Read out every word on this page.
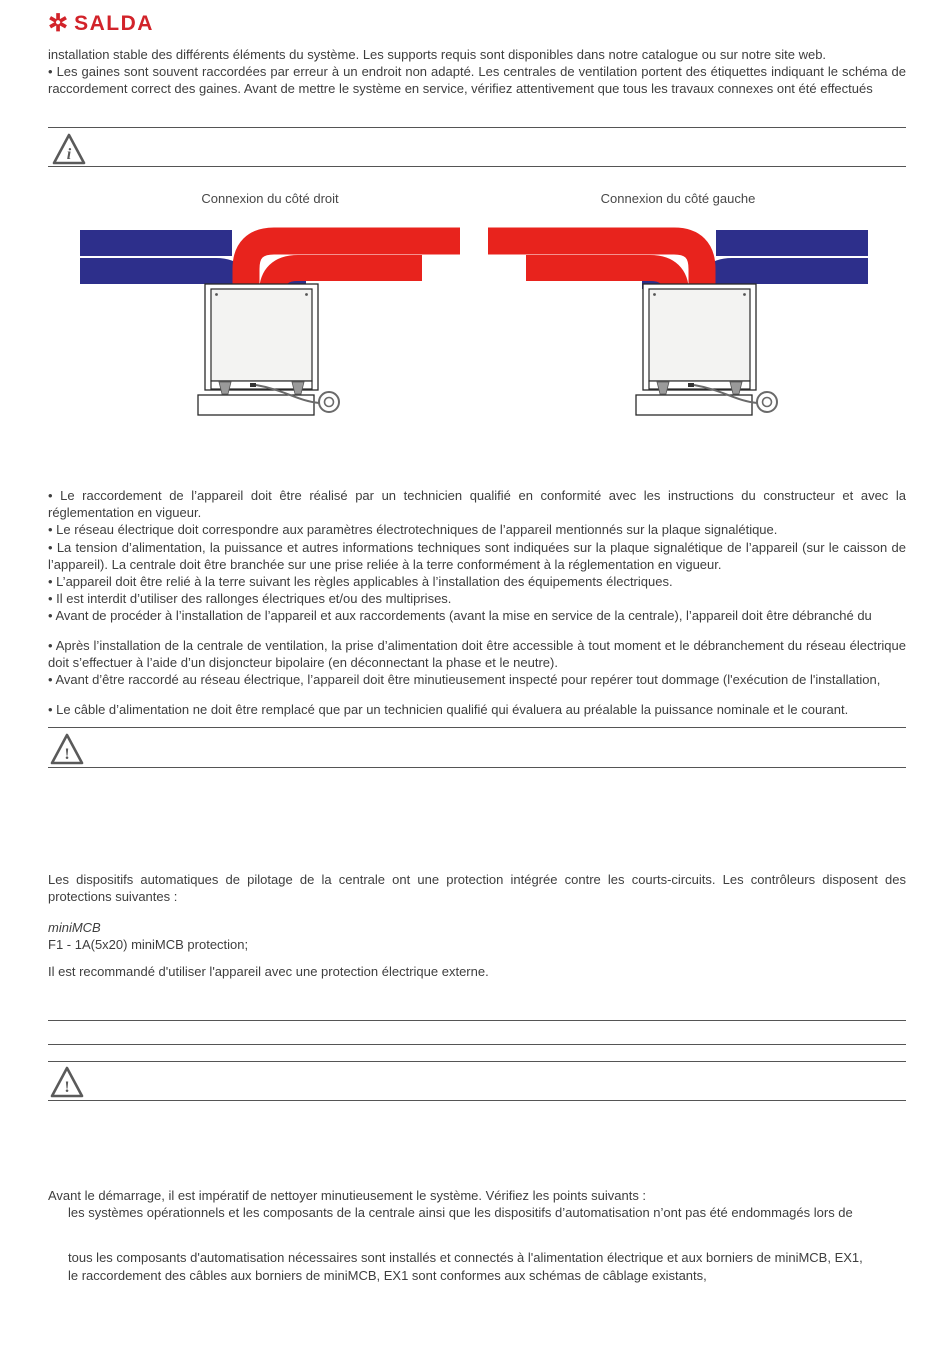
✲ SALDA
installation stable des différents éléments du système. Les supports requis sont disponibles dans notre catalogue ou sur notre site web.
• Les gaines sont souvent raccordées par erreur à un endroit non adapté. Les centrales de ventilation portent des étiquettes indiquant le schéma de raccordement correct des gaines. Avant de mettre le système en service, vérifiez attentivement que tous les travaux connexes ont été effectués
i
Connexion du côté droit	Connexion du côté gauche
• Le raccordement de l’appareil doit être réalisé par un technicien qualifié en conformité avec les instructions du constructeur et avec la réglementation en vigueur.
• Le réseau électrique doit correspondre aux paramètres électrotechniques de l’appareil mentionnés sur la plaque signalétique.
• La tension d’alimentation, la puissance et autres informations techniques sont indiquées sur la plaque signalétique de l’appareil (sur le caisson de l’appareil). La centrale doit être branchée sur une prise reliée à la terre conformément à la réglementation en vigueur.
• L’appareil doit être relié à la terre suivant les règles applicables à l’installation des équipements électriques.
• Il est interdit d’utiliser des rallonges électriques et/ou des multiprises.
• Avant de procéder à l’installation de l’appareil et aux raccordements (avant la mise en service de la centrale), l’appareil doit être débranché du
• Après l’installation de la centrale de ventilation, la prise d’alimentation doit être accessible à tout moment et le débranchement du réseau électrique doit s’effectuer à l’aide d’un disjoncteur bipolaire (en déconnectant la phase et le neutre).
• Avant d’être raccordé au réseau électrique, l’appareil doit être minutieusement inspecté pour repérer tout dommage (l'exécution de l'installation,
• Le câble d’alimentation ne doit être remplacé que par un technicien qualifié qui évaluera au préalable la puissance nominale et le courant.
!
Les dispositifs automatiques de pilotage de la centrale ont une protection intégrée contre les courts-circuits. Les contrôleurs disposent des protections suivantes :
miniMCB
F1 - 1A(5x20) miniMCB protection;
Il est recommandé d'utiliser l'appareil avec une protection électrique externe.
!
Avant le démarrage, il est impératif de nettoyer minutieusement le système. Vérifiez les points suivants :
les systèmes opérationnels et les composants de la centrale ainsi que les dispositifs d’automatisation n’ont pas été endommagés lors de
tous les composants d'automatisation nécessaires sont installés et connectés à l'alimentation électrique et aux borniers de miniMCB, EX1,
le raccordement des câbles aux borniers de miniMCB, EX1 sont conformes aux schémas de câblage existants,
